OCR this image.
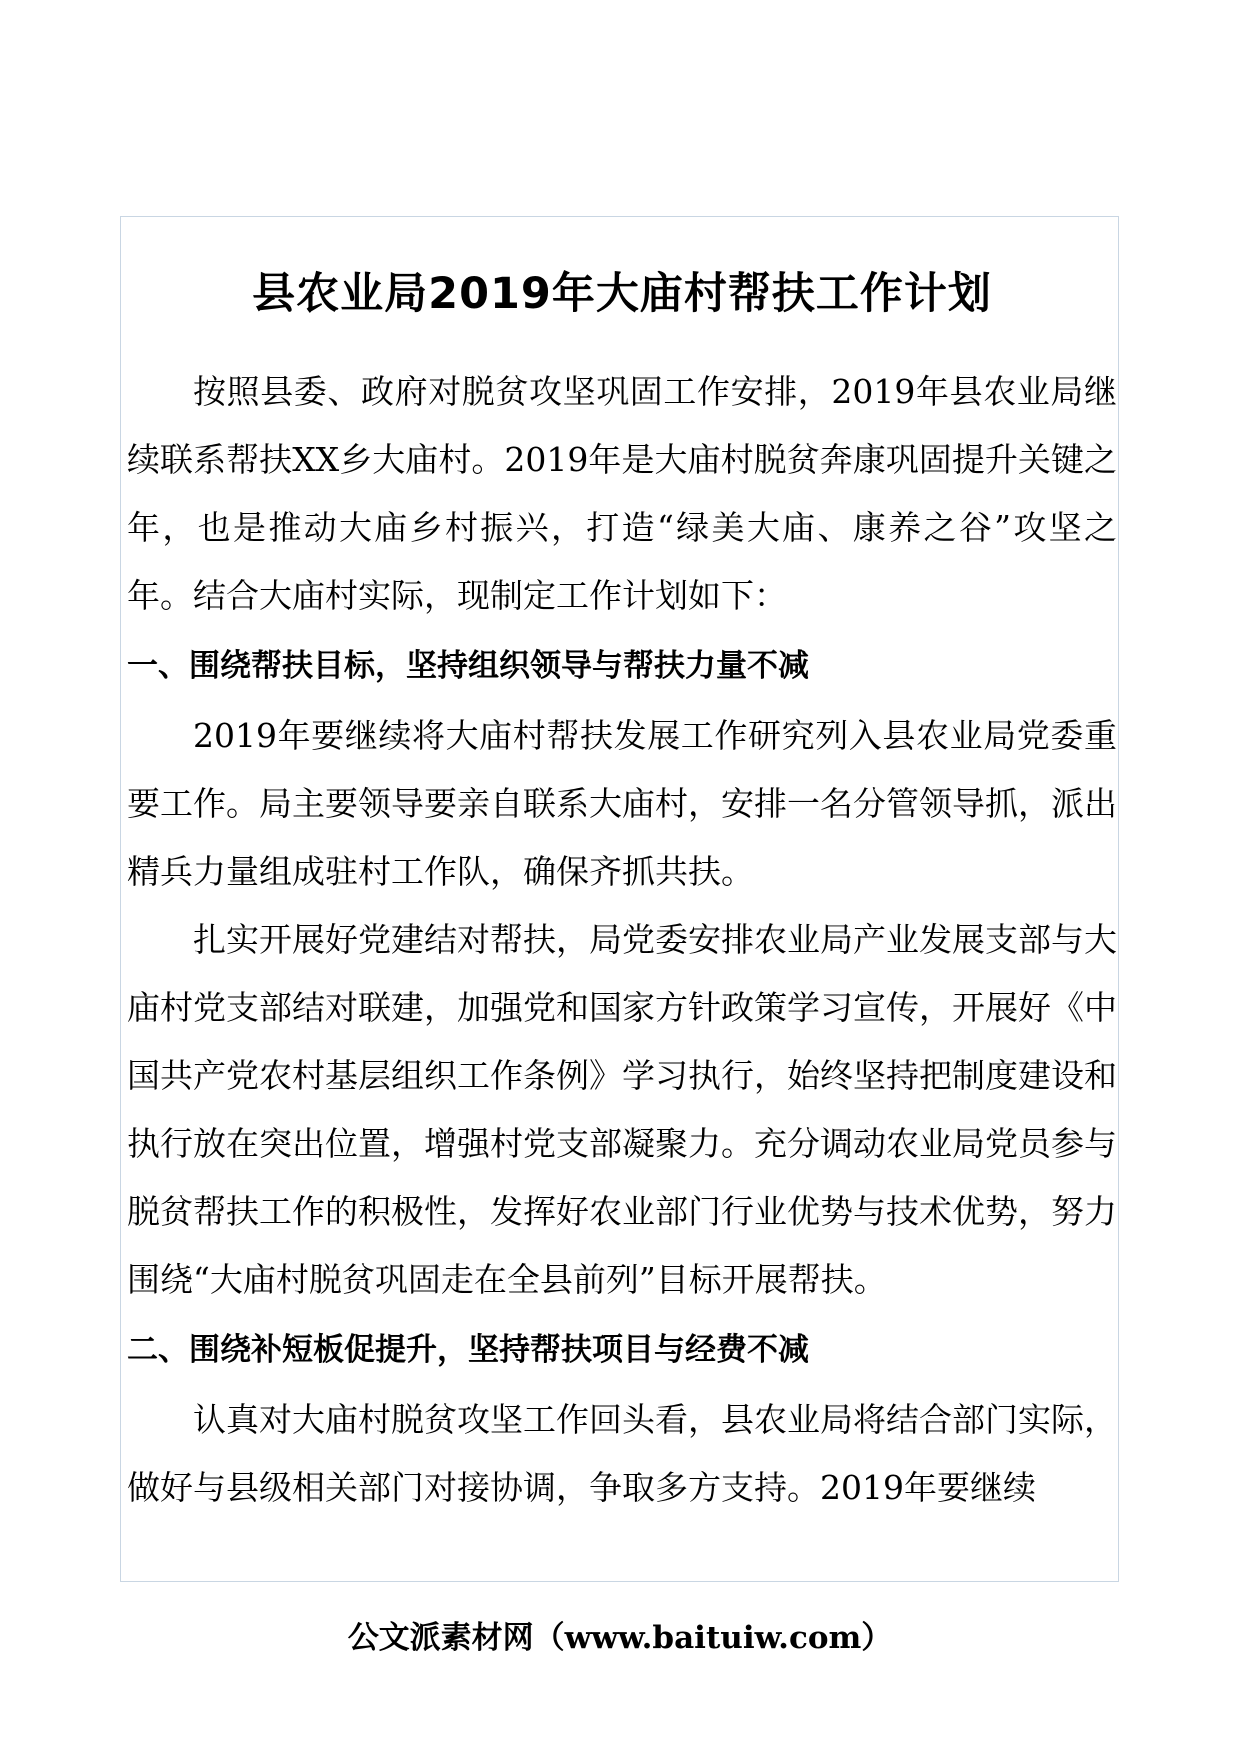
县农业局2019年大庙村帮扶工作计划

按照县委、政府对脱贫攻坚巩固工作安排，2019年县农业局继续联系帮扶XX乡大庙村。2019年是大庙村脱贫奔康巩固提升关键之年，也是推动大庙乡村振兴，打造“绿美大庙、康养之谷”攻坚之年。结合大庙村实际，现制定工作计划如下：

一、围绕帮扶目标，坚持组织领导与帮扶力量不减

2019年要继续将大庙村帮扶发展工作研究列入县农业局党委重要工作。局主要领导要亲自联系大庙村，安排一名分管领导抓，派出精兵力量组成驻村工作队，确保齐抓共扶。

扎实开展好党建结对帮扶，局党委安排农业局产业发展支部与大庙村党支部结对联建，加强党和国家方针政策学习宣传，开展好《中国共产党农村基层组织工作条例》学习执行，始终坚持把制度建设和执行放在突出位置，增强村党支部凝聚力。充分调动农业局党员参与脱贫帮扶工作的积极性，发挥好农业部门行业优势与技术优势，努力围绕“大庙村脱贫巩固走在全县前列”目标开展帮扶。

二、围绕补短板促提升，坚持帮扶项目与经费不减

认真对大庙村脱贫攻坚工作回头看，县农业局将结合部门实际，做好与县级相关部门对接协调，争取多方支持。2019年要继续

公文派素材网（www.baituiw.com）
